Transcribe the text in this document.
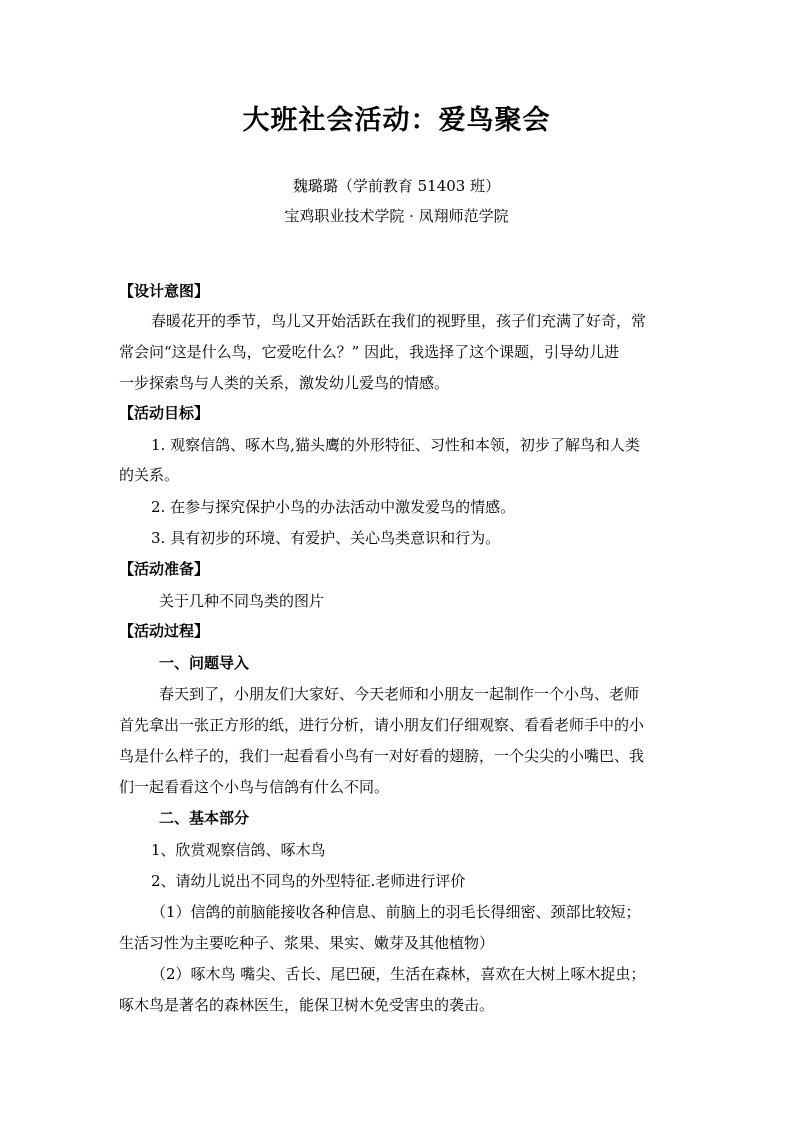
大班社会活动：爱鸟聚会
魏璐璐（学前教育 51403 班）
宝鸡职业技术学院 · 凤翔师范学院
【设计意图】
春暖花开的季节，鸟儿又开始活跃在我们的视野里，孩子们充满了好奇，常
常会问“这是什么鸟，它爱吃什么？” 因此，我选择了这个课题，引导幼儿进
一步探索鸟与人类的关系，激发幼儿爱鸟的情感。
【活动目标】
1. 观察信鸽、啄木鸟,猫头鹰的外形特征、习性和本领，初步了解鸟和人类
的关系。
2. 在参与探究保护小鸟的办法活动中激发爱鸟的情感。
3. 具有初步的环境、有爱护、关心鸟类意识和行为。
【活动准备】
关于几种不同鸟类的图片
【活动过程】
一、问题导入
春天到了，小朋友们大家好、今天老师和小朋友一起制作一个小鸟、老师
首先拿出一张正方形的纸，进行分析，请小朋友们仔细观察、看看老师手中的小
鸟是什么样子的，我们一起看看小鸟有一对好看的翅膀，一个尖尖的小嘴巴、我
们一起看看这个小鸟与信鸽有什么不同。
二、基本部分
1、欣赏观察信鸽、啄木鸟
2、请幼儿说出不同鸟的外型特征.老师进行评价
（1）信鸽的前脑能接收各种信息、前脑上的羽毛长得细密、颈部比较短；
生活习性为主要吃种子、浆果、果实、嫩芽及其他植物）
（2）啄木鸟 嘴尖、舌长、尾巴硬，生活在森林，喜欢在大树上啄木捉虫；
啄木鸟是著名的森林医生，能保卫树木免受害虫的袭击。
